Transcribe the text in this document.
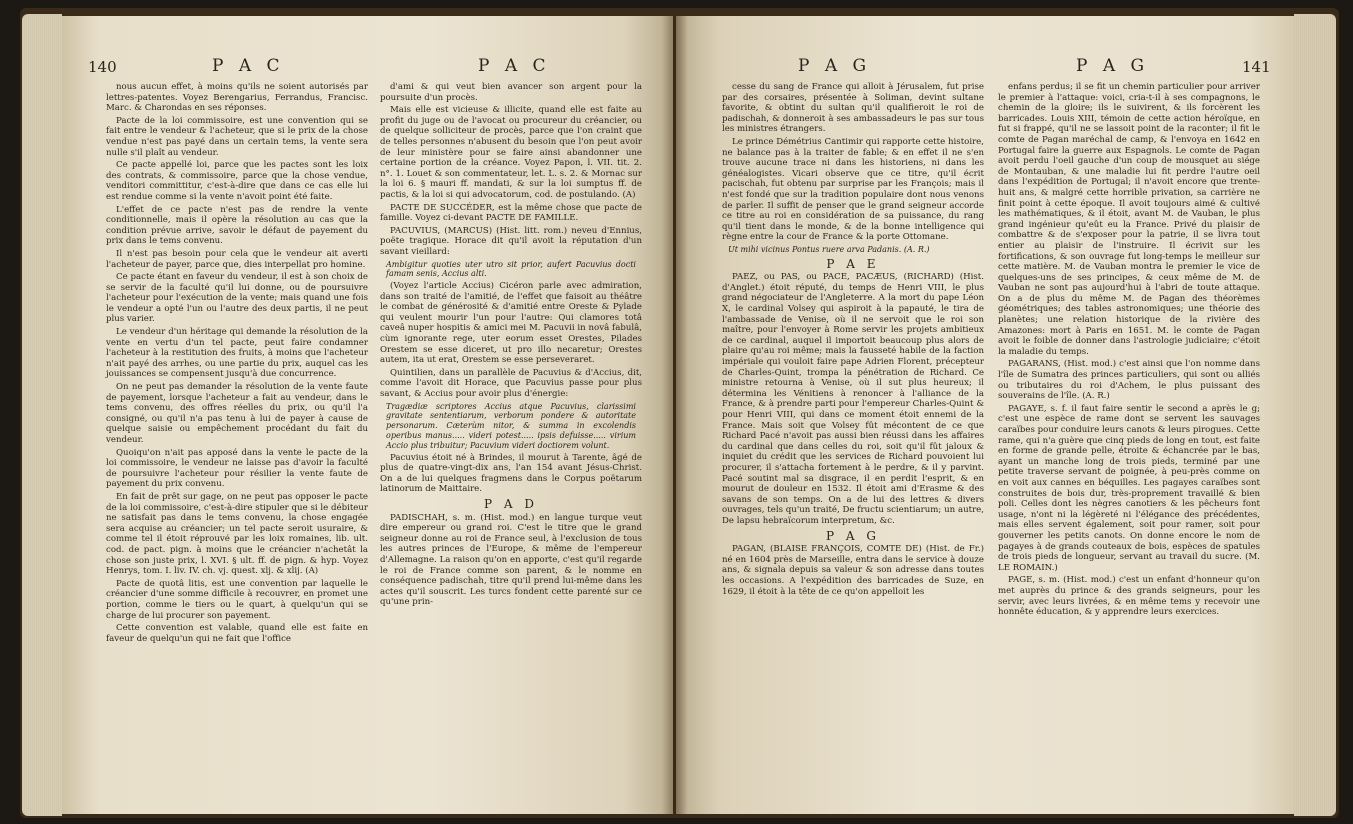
140	P A C	P A C

nous aucun effet, à moins qu'ils ne soient autorisés par lettres-patentes. Voyez Berengarius, Ferrandus, Francisc. Marc. & Charondas en ses réponses.

Pacte de la loi commissoire, est une convention qui se fait entre le vendeur & l'acheteur, que si le prix de la chose vendue n'est pas payé dans un certain tems, la vente sera nulle s'il plaît au vendeur.

Ce pacte appellé loi, parce que les pactes sont les loix des contrats, & commissoire, parce que la chose vendue, venditori committitur, c'est-à-dire que dans ce cas elle lui est rendue comme si la vente n'avoit point été faite.

L'effet de ce pacte n'est pas de rendre la vente conditionnelle, mais il opère la résolution au cas que la condition prévue arrive, savoir le défaut de payement du prix dans le tems convenu.

Il n'est pas besoin pour cela que le vendeur ait averti l'acheteur de payer, parce que, dies interpellat pro homine.

Ce pacte étant en faveur du vendeur, il est à son choix de se servir de la faculté qu'il lui donne, ou de poursuivre l'acheteur pour l'exécution de la vente; mais quand une fois le vendeur a opté l'un ou l'autre des deux partis, il ne peut plus varier.

Le vendeur d'un héritage qui demande la résolution de la vente en vertu d'un tel pacte, peut faire condamner l'acheteur à la restitution des fruits, à moins que l'acheteur n'ait payé des arrhes, ou une partie du prix, auquel cas les jouissances se compensent jusqu'à due concurrence.

On ne peut pas demander la résolution de la vente faute de payement, lorsque l'acheteur a fait au vendeur, dans le tems convenu, des offres réelles du prix, ou qu'il l'a consigné, ou qu'il n'a pas tenu à lui de payer à cause de quelque saisie ou empêchement procédant du fait du vendeur.

Quoiqu'on n'ait pas apposé dans la vente le pacte de la loi commissoire, le vendeur ne laisse pas d'avoir la faculté de poursuivre l'acheteur pour résilier la vente faute de payement du prix convenu.

En fait de prêt sur gage, on ne peut pas opposer le pacte de la loi commissoire, c'est-à-dire stipuler que si le débiteur ne satisfait pas dans le tems convenu, la chose engagée sera acquise au créancier; un tel pacte seroit usuraire, & comme tel il étoit réprouvé par les loix romaines, lib. ult. cod. de pact. pign. à moins que le créancier n'achetât la chose son juste prix, l. XVI. § ult. ff. de pign. & hyp. Voyez Henrys, tom. I. liv. IV. ch. vj. quest. xlj. & xlij. (A)

Pacte de quotâ litis, est une convention par laquelle le créancier d'une somme difficile à recouvrer, en promet une portion, comme le tiers ou le quart, à quelqu'un qui se charge de lui procurer son payement.

Cette convention est valable, quand elle est faite en faveur de quelqu'un qui ne fait que l'office

d'ami & qui veut bien avancer son argent pour la poursuite d'un procès.

Mais elle est vicieuse & illicite, quand elle est faite au profit du juge ou de l'avocat ou procureur du créancier, ou de quelque solliciteur de procès, parce que l'on craint que de telles personnes n'abusent du besoin que l'on peut avoir de leur ministère pour se faire ainsi abandonner une certaine portion de la créance. Voyez Papon, l. VII. tit. 2. n°. 1. Louet & son commentateur, let. L. s. 2. & Mornac sur la loi 6. § mauri ff. mandati, & sur la loi sumptus ff. de pactis, & la loi si qui advocatorum, cod. de postulando. (A)

PACTE DE SUCCÉDER, est la même chose que pacte de famille. Voyez ci-devant PACTE DE FAMILLE.

PACUVIUS, (MARCUS) (Hist. litt. rom.) neveu d'Ennius, poëte tragique. Horace dit qu'il avoit la réputation d'un savant vieillard:

Ambigitur quoties uter utro sit prior, aufert Pacuvius docti famam senis, Accius alti.

(Voyez l'article Accius) Cicéron parle avec admiration, dans son traité de l'amitié, de l'effet que faisoit au théâtre le combat de générosité & d'amitié entre Oreste & Pylade qui veulent mourir l'un pour l'autre: Qui clamores totâ caveâ nuper hospitis & amici mei M. Pacuvii in novâ fabulâ, cùm ignorante rege, uter eorum esset Orestes, Pilades Orestem se esse diceret, ut pro illo necaretur; Orestes autem, ita ut erat, Orestem se esse perseveraret.

Quintilien, dans un parallèle de Pacuvius & d'Accius, dit, comme l'avoit dit Horace, que Pacuvius passe pour plus savant, & Accius pour avoir plus d'énergie:

Tragædiæ scriptores Accius atque Pacuvius, clarissimi gravitate sententiarum, verborum pondere & autoritate personarum. Cæterùm nitor, & summa in excolendis operibus manus..... videri potest..... ipsis defuisse..... virium Accio plus tribuitur; Pacuvium videri doctiorem volunt.

Pacuvius étoit né à Brindes, il mourut à Tarente, âgé de plus de quatre-vingt-dix ans, l'an 154 avant Jésus-Christ. On a de lui quelques fragmens dans le Corpus poëtarum latinorum de Maittaire.

P A D

PADISCHAH, s. m. (Hist. mod.) en langue turque veut dire empereur ou grand roi. C'est le titre que le grand seigneur donne au roi de France seul, à l'exclusion de tous les autres princes de l'Europe, & même de l'empereur d'Allemagne. La raison qu'on en apporte, c'est qu'il regarde le roi de France comme son parent, & le nomme en conséquence padischah, titre qu'il prend lui-même dans les actes qu'il souscrit. Les turcs fondent cette parenté sur ce qu'une prin-

P A G	P A G	141

cesse du sang de France qui alloit à Jérusalem, fut prise par des corsaires, présentée à Soliman, devint sultane favorite, & obtint du sultan qu'il qualifieroit le roi de padischah, & donneroit à ses ambassadeurs le pas sur tous les ministres étrangers.

Le prince Démétrius Cantimir qui rapporte cette histoire, ne balance pas à la traiter de fable; & en effet il ne s'en trouve aucune trace ni dans les historiens, ni dans les généalogistes. Vicari observe que ce titre, qu'il écrit pacischah, fut obtenu par surprise par les François; mais il n'est fondé que sur la tradition populaire dont nous venons de parler. Il suffit de penser que le grand seigneur accorde ce titre au roi en considération de sa puissance, du rang qu'il tient dans le monde, & de la bonne intelligence qui règne entre la cour de France & la porte Ottomane.

Ut mihi vicinus Pontus ruere arva Padanis. (A. R.)

P A E

PAEZ, ou PAS, ou PACE, PACÆUS, (RICHARD) (Hist. d'Anglet.) étoit réputé, du temps de Henri VIII, le plus grand négociateur de l'Angleterre. A la mort du pape Léon X, le cardinal Volsey qui aspiroit à la papauté, le tira de l'ambassade de Venise, où il ne servoit que le roi son maître, pour l'envoyer à Rome servir les projets ambitieux de ce cardinal, auquel il importoit beaucoup plus alors de plaire qu'au roi même; mais la fausseté habile de la faction impériale qui vouloit faire pape Adrien Florent, précepteur de Charles-Quint, trompa la pénétration de Richard. Ce ministre retourna à Venise, où il sut plus heureux; il détermina les Vénitiens à renoncer à l'alliance de la France, & à prendre parti pour l'empereur Charles-Quint & pour Henri VIII, qui dans ce moment étoit ennemi de la France. Mais soit que Volsey fût mécontent de ce que Richard Pacé n'avoit pas aussi bien réussi dans les affaires du cardinal que dans celles du roi, soit qu'il fût jaloux & inquiet du crédit que les services de Richard pouvoient lui procurer, il s'attacha fortement à le perdre, & il y parvint. Pacé soutint mal sa disgrace, il en perdit l'esprit, & en mourut de douleur en 1532. Il étoit ami d'Erasme & des savans de son temps. On a de lui des lettres & divers ouvrages, tels qu'un traité, De fructu scientiarum; un autre, De lapsu hebraïcorum interpretum, &c.

P A G

PAGAN, (BLAISE FRANÇOIS, COMTE DE) (Hist. de Fr.) né en 1604 près de Marseille, entra dans le service à douze ans, & signala depuis sa valeur & son adresse dans toutes les occasions. A l'expédition des barricades de Suze, en 1629, il étoit à la tête de ce qu'on appelloit les

enfans perdus; il se fit un chemin particulier pour arriver le premier à l'attaque: voici, cria-t-il à ses compagnons, le chemin de la gloire; ils le suivirent, & ils forcèrent les barricades. Louis XIII, témoin de cette action héroïque, en fut si frappé, qu'il ne se lassoit point de la raconter; il fit le comte de Pagan maréchal de camp, & l'envoya en 1642 en Portugal faire la guerre aux Espagnols. Le comte de Pagan avoit perdu l'oeil gauche d'un coup de mousquet au siége de Montauban, & une maladie lui fit perdre l'autre oeil dans l'expédition de Portugal; il n'avoit encore que trente-huit ans, & malgré cette horrible privation, sa carrière ne finit point à cette époque. Il avoit toujours aimé & cultivé les mathématiques, & il étoit, avant M. de Vauban, le plus grand ingénieur qu'eût eu la France. Privé du plaisir de combattre & de s'exposer pour la patrie, il se livra tout entier au plaisir de l'instruire. Il écrivit sur les fortifications, & son ouvrage fut long-temps le meilleur sur cette matière. M. de Vauban montra le premier le vice de quelques-uns de ses principes, & ceux même de M. de Vauban ne sont pas aujourd'hui à l'abri de toute attaque. On a de plus du même M. de Pagan des théorèmes géométriques; des tables astronomiques; une théorie des planètes; une relation historique de la rivière des Amazones: mort à Paris en 1651. M. le comte de Pagan avoit le foible de donner dans l'astrologie judiciaire; c'étoit la maladie du temps.

PAGARANS, (Hist. mod.) c'est ainsi que l'on nomme dans l'île de Sumatra des princes particuliers, qui sont ou alliés ou tributaires du roi d'Achem, le plus puissant des souverains de l'île. (A. R.)

PAGAYE, s. f. il faut faire sentir le second a après le g; c'est une espèce de rame dont se servent les sauvages caraïbes pour conduire leurs canots & leurs pirogues. Cette rame, qui n'a guère que cinq pieds de long en tout, est faite en forme de grande pelle, étroite & échancrée par le bas, ayant un manche long de trois pieds, terminé par une petite traverse servant de poignée, à peu-près comme on en voit aux cannes en béquilles. Les pagayes caraïbes sont construites de bois dur, très-proprement travaillé & bien poli. Celles dont les nègres canotiers & les pêcheurs font usage, n'ont ni la légèreté ni l'élégance des précédentes, mais elles servent également, soit pour ramer, soit pour gouverner les petits canots. On donne encore le nom de pagayes à de grands couteaux de bois, espèces de spatules de trois pieds de longueur, servant au travail du sucre. (M. LE ROMAIN.)

PAGE, s. m. (Hist. mod.) c'est un enfant d'honneur qu'on met auprès du prince & des grands seigneurs, pour les servir, avec leurs livrées, & en même tems y recevoir une honnête éducation, & y apprendre leurs exercices.
